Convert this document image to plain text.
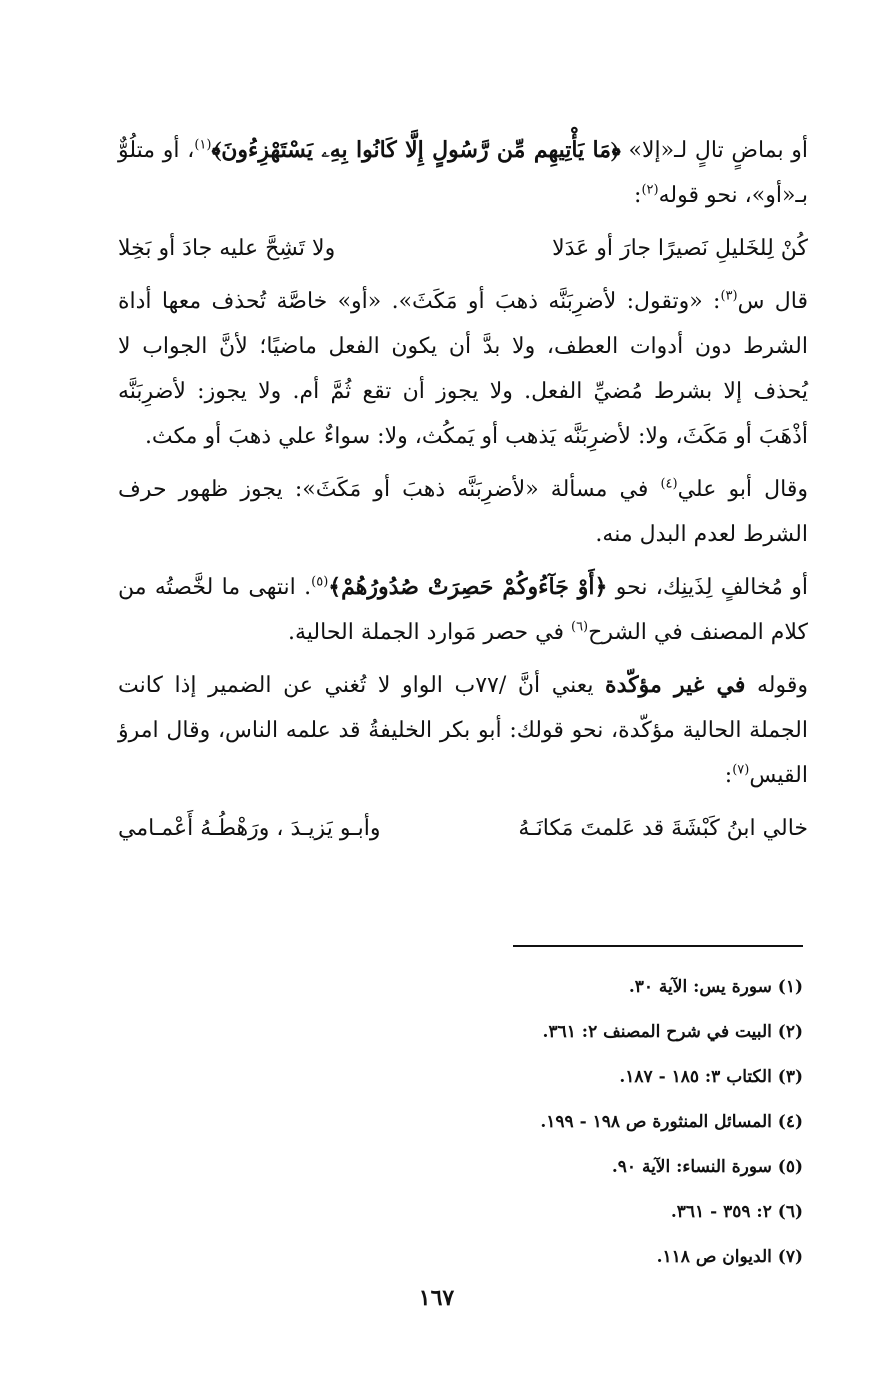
أو بماضٍ تالٍ لـ«إلا» ﴿مَا يَأْتِيهِم مِّن رَّسُولٍ إِلَّا كَانُوا بِهِۦ يَسْتَهْزِءُونَ﴾$^{(١)}$، أو متلُوٌّ بـ«أو»، نحو قوله$^{(٢)}$:

كُنْ لِلخَليلِ نَصيرًا جارَ أو عَدَلا
ولا تَشِحَّ عليه جادَ أو بَخِلا

قال س$^{(٣)}$: «وتقول: لأضرِبَنَّه ذهبَ أو مَكَثَ». «أو» خاصَّة تُحذف معها أداة الشرط دون أدوات العطف، ولا بدَّ أن يكون الفعل ماضيًا؛ لأنَّ الجواب لا يُحذف إلا بشرط مُضيِّ الفعل. ولا يجوز أن تقع ثُمَّ أم. ولا يجوز: لأضرِبَنَّه أذْهَبَ أو مَكَثَ، ولا: لأضرِبَنَّه يَذهب أو يَمكُث، ولا: سواءٌ علي ذهبَ أو مكث.

وقال أبو علي$^{(٤)}$ في مسألة «لأضرِبَنَّه ذهبَ أو مَكَثَ»: يجوز ظهور حرف الشرط لعدم البدل منه.

أو مُخالفٍ لِذَينِك، نحو ﴿أَوْ جَآءُوكُمْ حَصِرَتْ صُدُورُهُمْ﴾$^{(٥)}$. انتهى ما لخَّصتُه من كلام المصنف في الشرح$^{(٦)}$ في حصر مَوارد الجملة الحالية.

وقوله في غير مؤكّدة يعني أنَّ /٧٧ب الواو لا تُغني عن الضمير إذا كانت الجملة الحالية مؤكّدة، نحو قولك: أبو بكر الخليفةُ قد علمه الناس، وقال امرؤ القيس$^{(٧)}$:

خالي ابنُ كَبْشَةَ قد عَلمتَ مَكانَـهُ
وأبـو يَزيـدَ ، ورَهْطُـهُ أَعْمـامي
(١) سورة يس: الآية ٣٠.
(٢) البيت في شرح المصنف ٢: ٣٦١.
(٣) الكتاب ٣: ١٨٥ - ١٨٧.
(٤) المسائل المنثورة ص ١٩٨ - ١٩٩.
(٥) سورة النساء: الآية ٩٠.
(٦) ٢: ٣٥٩ - ٣٦١.
(٧) الديوان ص ١١٨.
١٦٧
